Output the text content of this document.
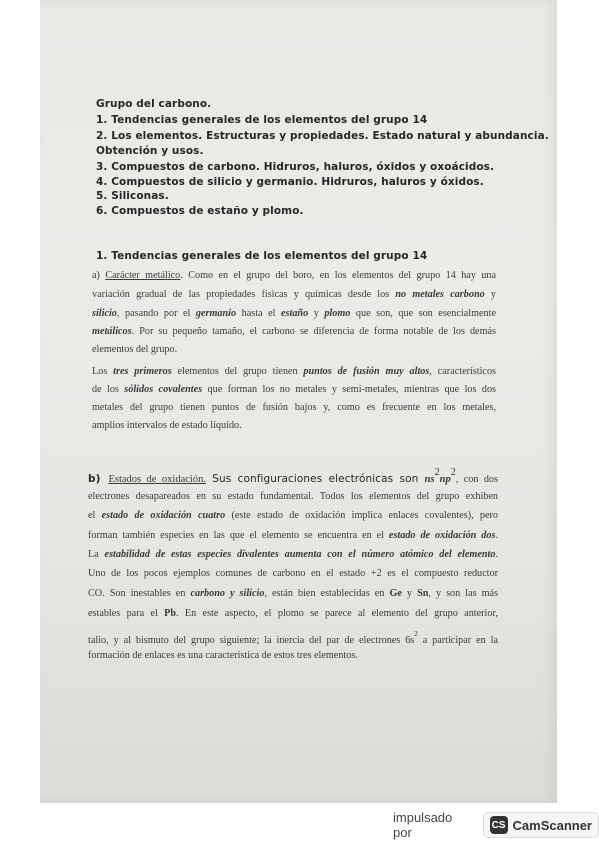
Grupo del carbono.
1. Tendencias generales de los elementos del grupo 14
2. Los elementos. Estructuras y propiedades. Estado natural y abundancia.
Obtención y usos.
3. Compuestos de carbono. Hidruros, haluros, óxidos y oxoácidos.
4. Compuestos de silicio y germanio. Hidruros, haluros y óxidos.
5. Siliconas.
6. Compuestos de estaño y plomo.
1. Tendencias generales de los elementos del grupo 14
a) Carácter metálico. Como en el grupo del boro, en los elementos del grupo 14 hay una
variación gradual de las propiedades físicas y químicas desde los no metales carbono y
silicio, pasando por el germanio hasta el estaño y plomo que son, que son esencialmente
metálicos. Por su pequeño tamaño, el carbono se diferencia de forma notable de los demás
elementos del grupo.
Los tres primeros elementos del grupo tienen puntos de fusión muy altos, característicos
de los sólidos covalentes que forman los no metales y semi-metales, mientras que los dos
metales del grupo tienen puntos de fusión bajos y, como es frecuente en los metales,
amplios intervalos de estado líquido.
b) Estados de oxidación. Sus configuraciones electrónicas son $ns^2np^2$, con dos
electrones desapareados en su estado fundamental. Todos los elementos del grupo exhiben
el estado de oxidación cuatro (este estado de oxidación implica enlaces covalentes), pero
forman también especies en las que el elemento se encuentra en el estado de oxidación dos.
La estabilidad de estas especies divalentes aumenta con el número atómico del elemento.
Uno de los pocos ejemplos comunes de carbono en el estado +2 es el compuesto reductor
CO. Son inestables en carbono y silicio, están bien establecidas en Ge y Sn, y son las más
estables para el Pb. En este aspecto, el plomo se parece al elemento del grupo anterior,
talio, y al bismuto del grupo siguiente; la inercia del par de electrones $6s^2$ a participar en la
formación de enlaces es una característica de estos tres elementos.
impulsado por	CS CamScanner
